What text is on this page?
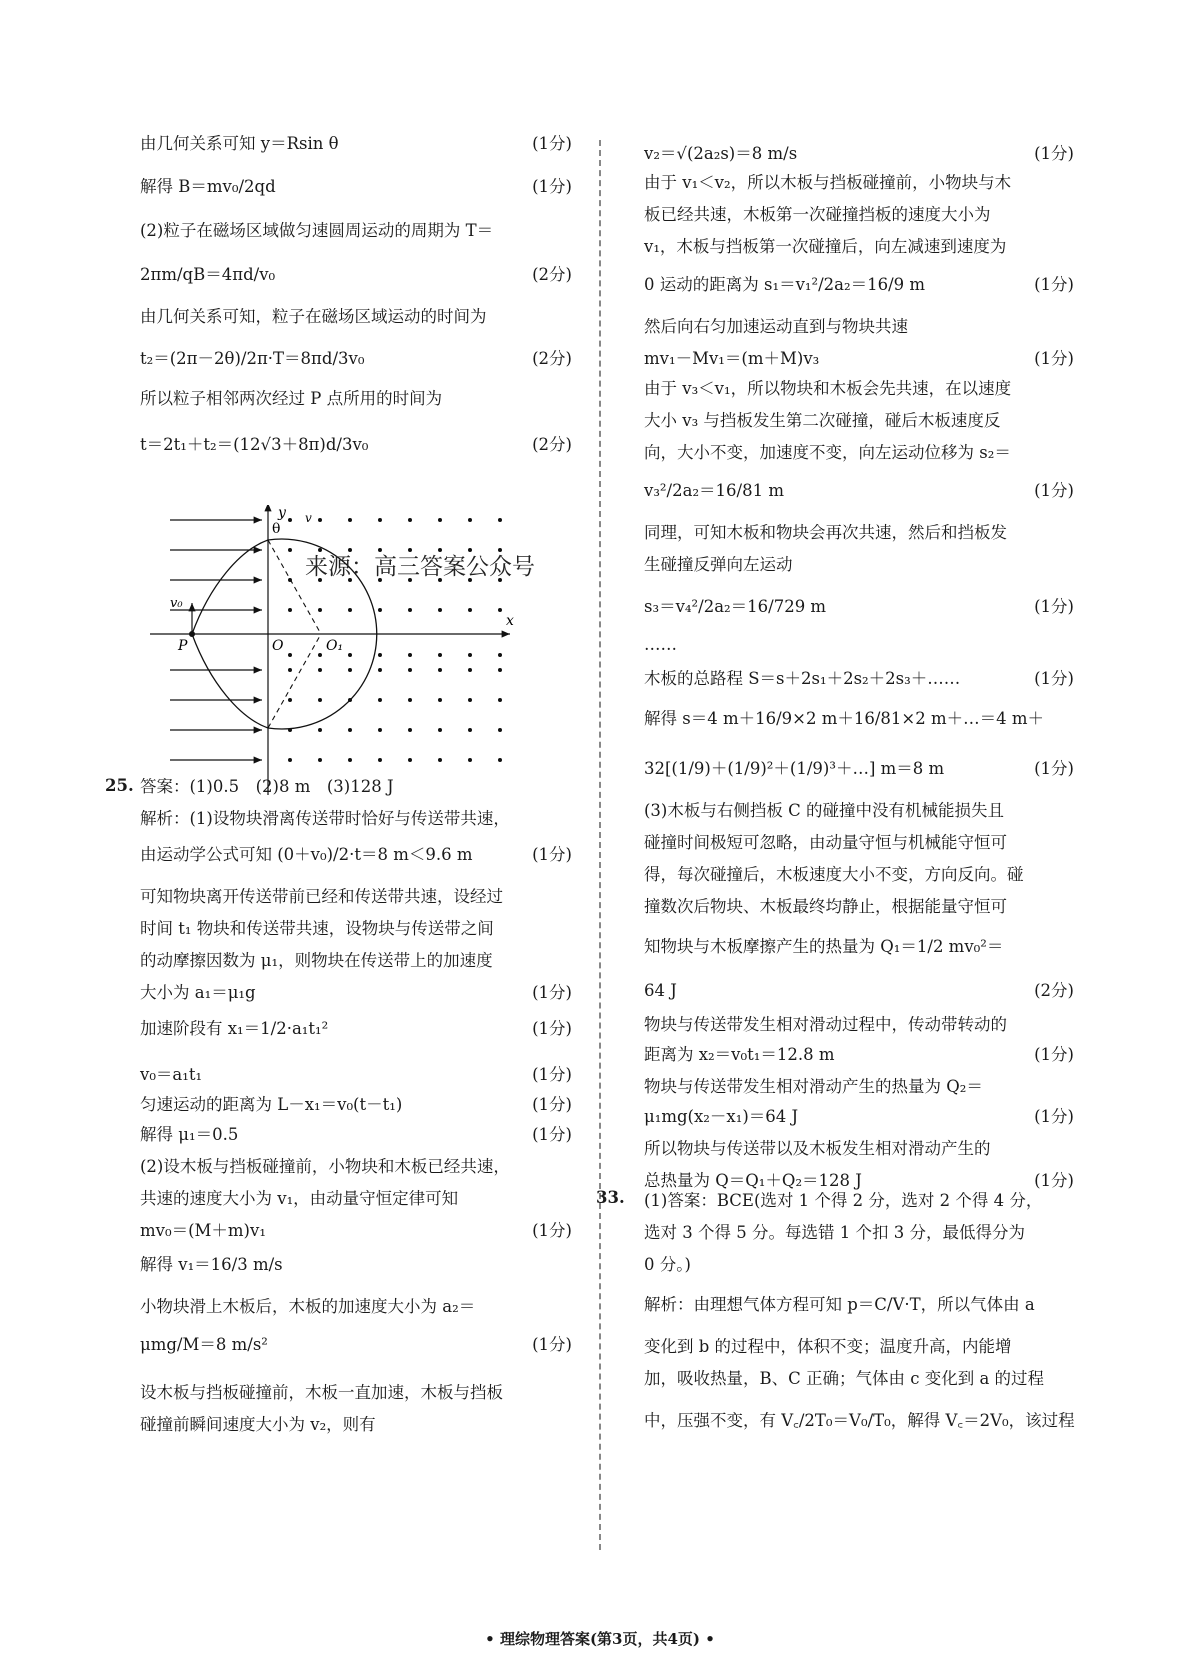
由几何关系可知 y＝Rsin θ	(1分)
解得 B＝mv₀/2qd	(1分)
(2)粒子在磁场区域做匀速圆周运动的周期为 T＝
2πm/qB＝4πd/v₀	(2分)
由几何关系可知，粒子在磁场区域运动的时间为
t₂＝(2π－2θ)/2π·T＝8πd/3v₀	(2分)
所以粒子相邻两次经过 P 点所用的时间为
t＝2t₁＋t₂＝(12√3＋8π)d/3v₀	(2分)
答案：(1)0.5　(2)8 m　(3)128 J
解析：(1)设物块滑离传送带时恰好与传送带共速，
由运动学公式可知 (0＋v₀)/2·t＝8 m＜9.6 m	(1分)
可知物块离开传送带前已经和传送带共速，设经过
时间 t₁ 物块和传送带共速，设物块与传送带之间
的动摩擦因数为 μ₁，则物块在传送带上的加速度
大小为 a₁＝μ₁g	(1分)
加速阶段有 x₁＝1/2·a₁t₁²	(1分)
v₀＝a₁t₁	(1分)
匀速运动的距离为 L－x₁＝v₀(t－t₁)	(1分)
解得 μ₁＝0.5	(1分)
(2)设木板与挡板碰撞前，小物块和木板已经共速，
共速的速度大小为 v₁，由动量守恒定律可知
mv₀＝(M＋m)v₁	(1分)
解得 v₁＝16/3 m/s
小物块滑上木板后，木板的加速度大小为 a₂＝
μmg/M＝8 m/s²	(1分)
设木板与挡板碰撞前，木板一直加速，木板与挡板
碰撞前瞬间速度大小为 v₂，则有
25.
v₂＝√(2a₂s)＝8 m/s	(1分)
由于 v₁＜v₂，所以木板与挡板碰撞前，小物块与木
板已经共速，木板第一次碰撞挡板的速度大小为
v₁，木板与挡板第一次碰撞后，向左减速到速度为
0 运动的距离为 s₁＝v₁²/2a₂＝16/9 m	(1分)
然后向右匀加速运动直到与物块共速
mv₁－Mv₁＝(m＋M)v₃	(1分)
由于 v₃＜v₁，所以物块和木板会先共速，在以速度
大小 v₃ 与挡板发生第二次碰撞，碰后木板速度反
向，大小不变，加速度不变，向左运动位移为 s₂＝
v₃²/2a₂＝16/81 m	(1分)
同理，可知木板和物块会再次共速，然后和挡板发
生碰撞反弹向左运动
s₃＝v₄²/2a₂＝16/729 m	(1分)
……
木板的总路程 S＝s＋2s₁＋2s₂＋2s₃＋……	(1分)
解得 s＝4 m＋16/9×2 m＋16/81×2 m＋…＝4 m＋
32[(1/9)＋(1/9)²＋(1/9)³＋…] m＝8 m	(1分)
(3)木板与右侧挡板 C 的碰撞中没有机械能损失且
碰撞时间极短可忽略，由动量守恒与机械能守恒可
得，每次碰撞后，木板速度大小不变，方向反向。碰
撞数次后物块、木板最终均静止，根据能量守恒可
知物块与木板摩擦产生的热量为 Q₁＝1/2 mv₀²＝
64 J	(2分)
物块与传送带发生相对滑动过程中，传动带转动的
距离为 x₂＝v₀t₁＝12.8 m	(1分)
物块与传送带发生相对滑动产生的热量为 Q₂＝
μ₁mg(x₂－x₁)＝64 J	(1分)
所以物块与传送带以及木板发生相对滑动产生的
总热量为 Q＝Q₁＋Q₂＝128 J	(1分)
(1)答案：BCE(选对 1 个得 2 分，选对 2 个得 4 分，
选对 3 个得 5 分。每选错 1 个扣 3 分，最低得分为
0 分。)
解析：由理想气体方程可知 p＝C/V·T，所以气体由 a
变化到 b 的过程中，体积不变；温度升高，内能增
加，吸收热量，B、C 正确；气体由 c 变化到 a 的过程
中，压强不变，有 V꜀/2T₀＝V₀/T₀，解得 V꜀＝2V₀，该过程
33.
y
x
θ
v
v₀
P	O	O₁
来源：高三答案公众号
• 理综物理答案(第3页，共4页) •
